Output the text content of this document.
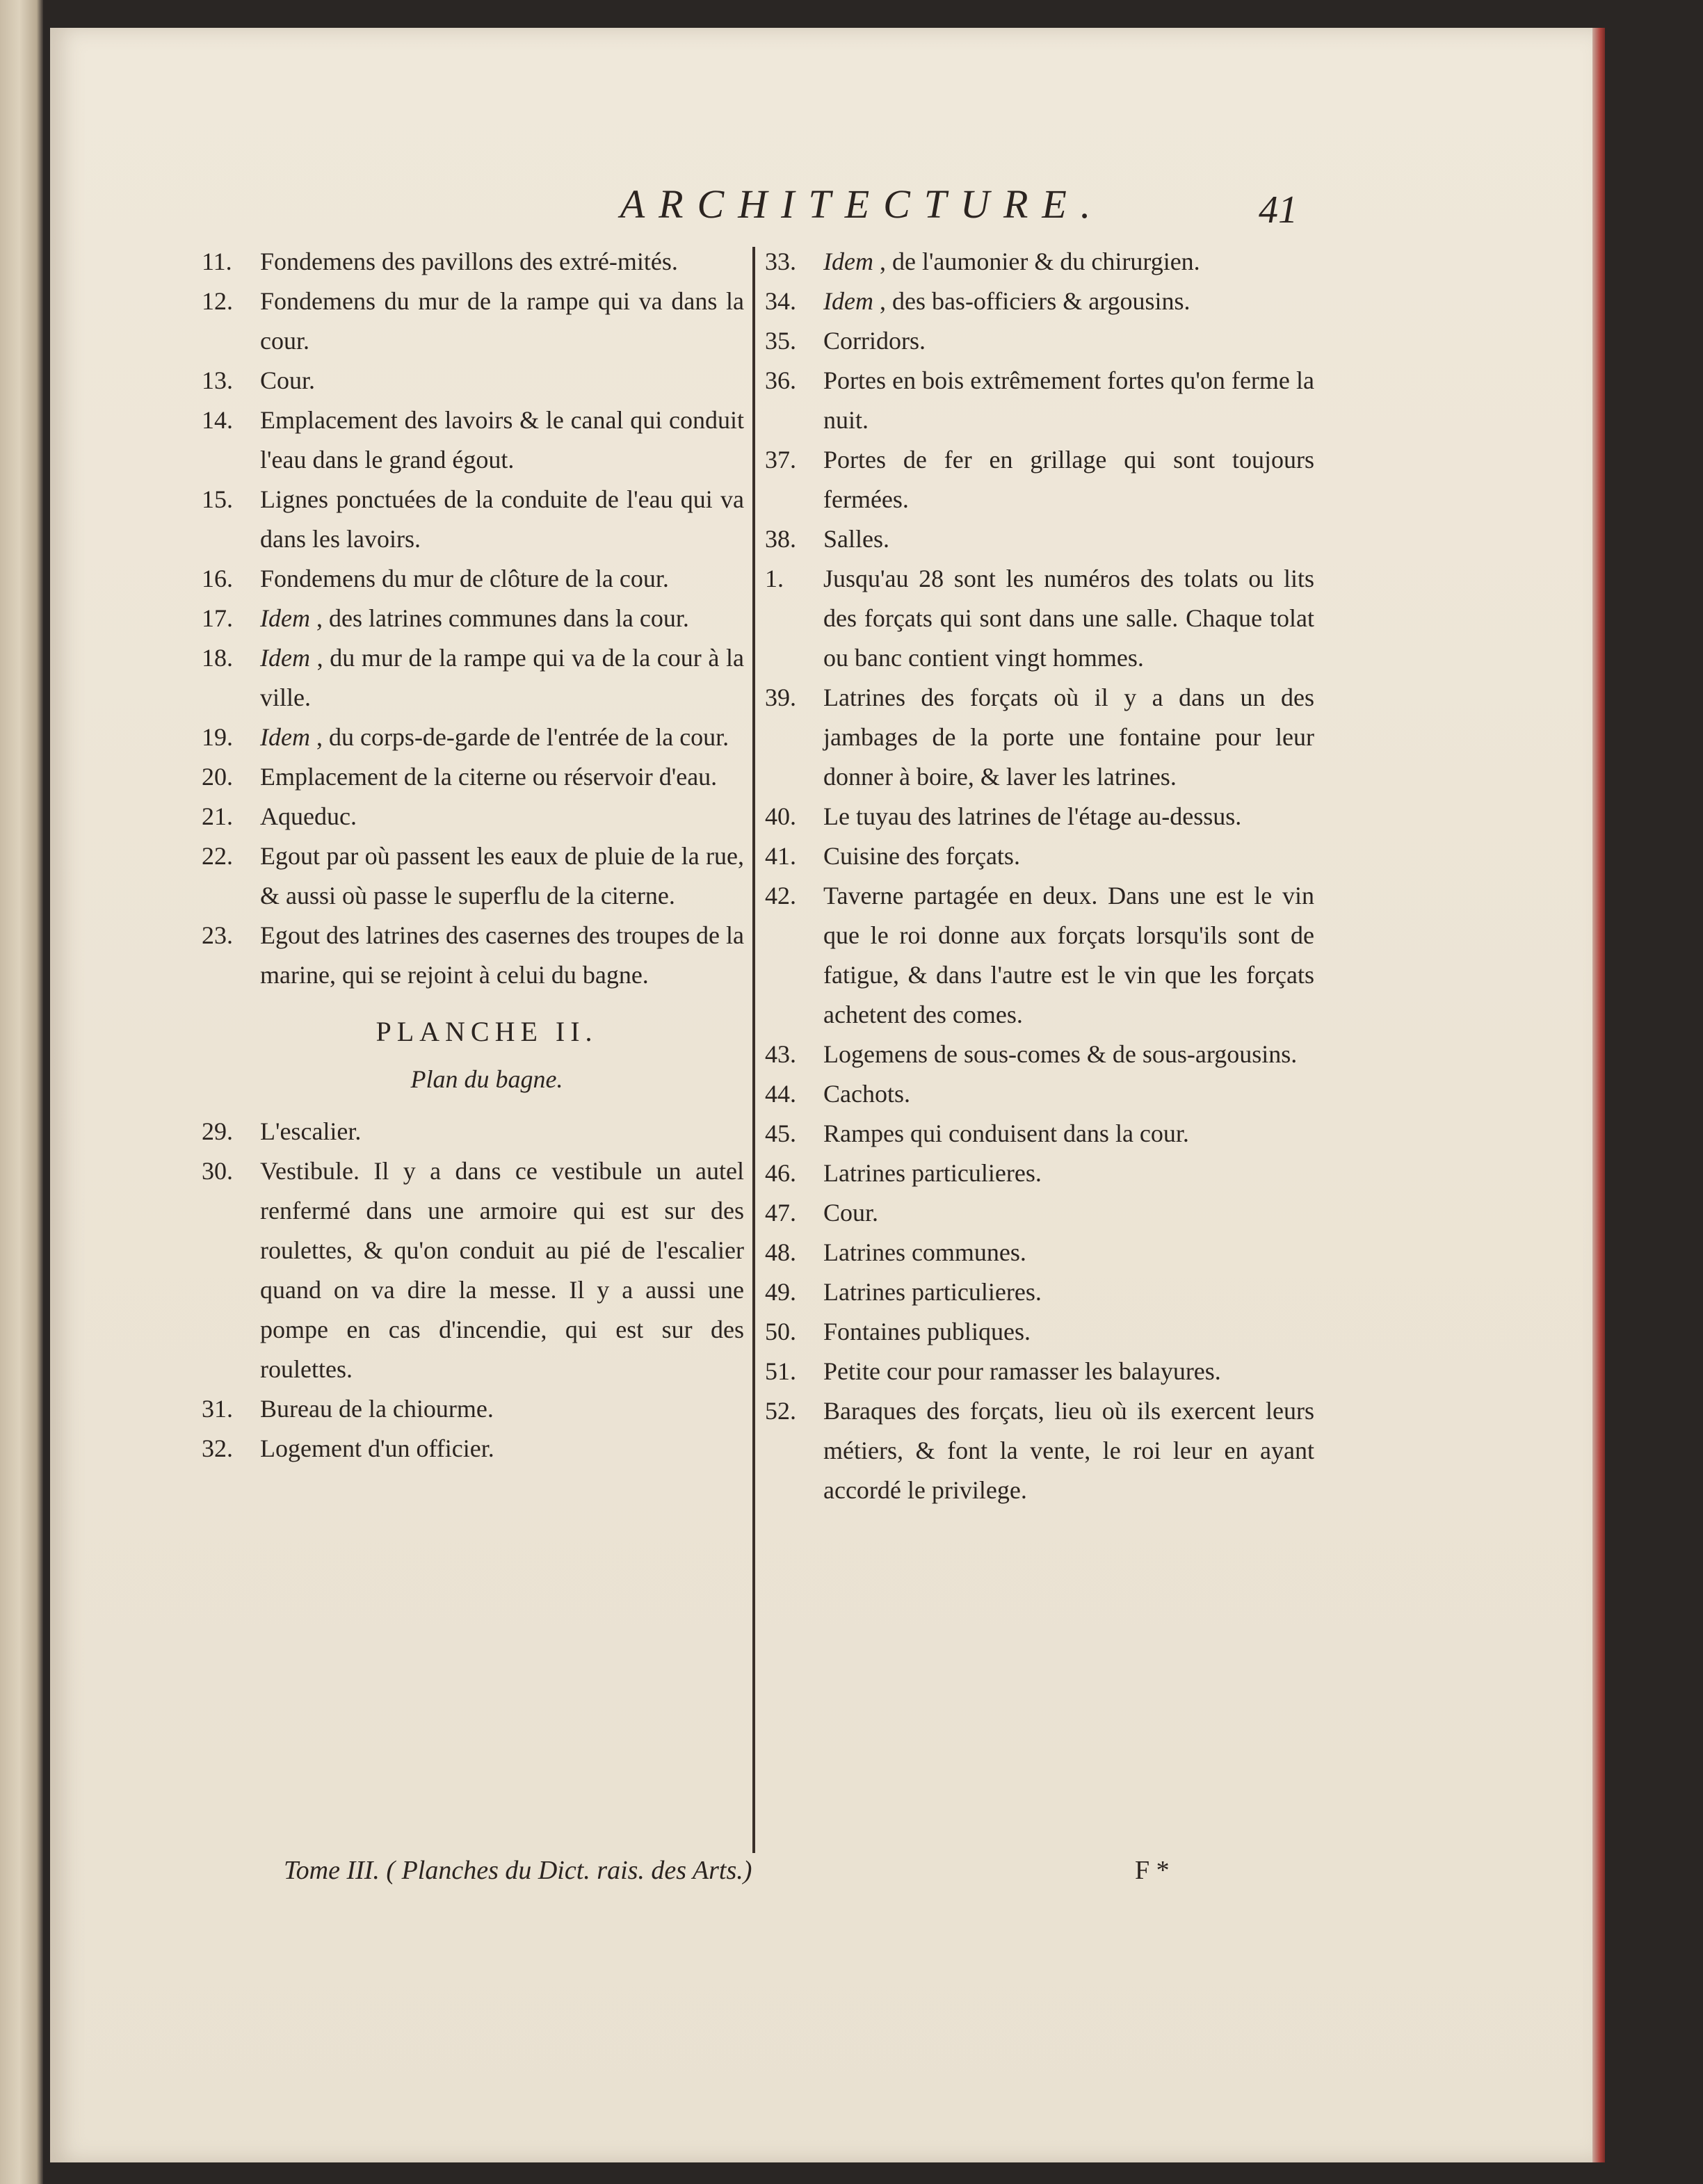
ARCHITECTURE.	41
11.	Fondemens des pavillons des extré-mités.
12.	Fondemens du mur de la rampe qui va dans la cour.
13.	Cour.
14.	Emplacement des lavoirs & le canal qui conduit l'eau dans le grand égout.
15.	Lignes ponctuées de la conduite de l'eau qui va dans les lavoirs.
16.	Fondemens du mur de clôture de la cour.
17.	Idem , des latrines communes dans la cour.
18.	Idem , du mur de la rampe qui va de la cour à la ville.
19.	Idem , du corps-de-garde de l'entrée de la cour.
20.	Emplacement de la citerne ou réservoir d'eau.
21.	Aqueduc.
22.	Egout par où passent les eaux de pluie de la rue, & aussi où passe le superflu de la citerne.
23.	Egout des latrines des casernes des troupes de la marine, qui se rejoint à celui du bagne.
PLANCHE II.
Plan du bagne.
29.	L'escalier.
30.	Vestibule. Il y a dans ce vestibule un autel renfermé dans une armoire qui est sur des roulettes, & qu'on conduit au pié de l'escalier quand on va dire la messe. Il y a aussi une pompe en cas d'incendie, qui est sur des roulettes.
31.	Bureau de la chiourme.
32.	Logement d'un officier.
33.	Idem , de l'aumonier & du chirurgien.
34.	Idem , des bas-officiers & argousins.
35.	Corridors.
36.	Portes en bois extrêmement fortes qu'on ferme la nuit.
37.	Portes de fer en grillage qui sont toujours fermées.
38.	Salles.
1.	Jusqu'au 28 sont les numéros des tolats ou lits des forçats qui sont dans une salle. Chaque tolat ou banc contient vingt hommes.
39.	Latrines des forçats où il y a dans un des jambages de la porte une fontaine pour leur donner à boire, & laver les latrines.
40.	Le tuyau des latrines de l'étage au-dessus.
41.	Cuisine des forçats.
42.	Taverne partagée en deux. Dans une est le vin que le roi donne aux forçats lorsqu'ils sont de fatigue, & dans l'autre est le vin que les forçats achetent des comes.
43.	Logemens de sous-comes & de sous-argousins.
44.	Cachots.
45.	Rampes qui conduisent dans la cour.
46.	Latrines particulieres.
47.	Cour.
48.	Latrines communes.
49.	Latrines particulieres.
50.	Fontaines publiques.
51.	Petite cour pour ramasser les balayures.
52.	Baraques des forçats, lieu où ils exercent leurs métiers, & font la vente, le roi leur en ayant accordé le privilege.
Tome III. ( Planches du Dict. rais. des Arts.)	F *
